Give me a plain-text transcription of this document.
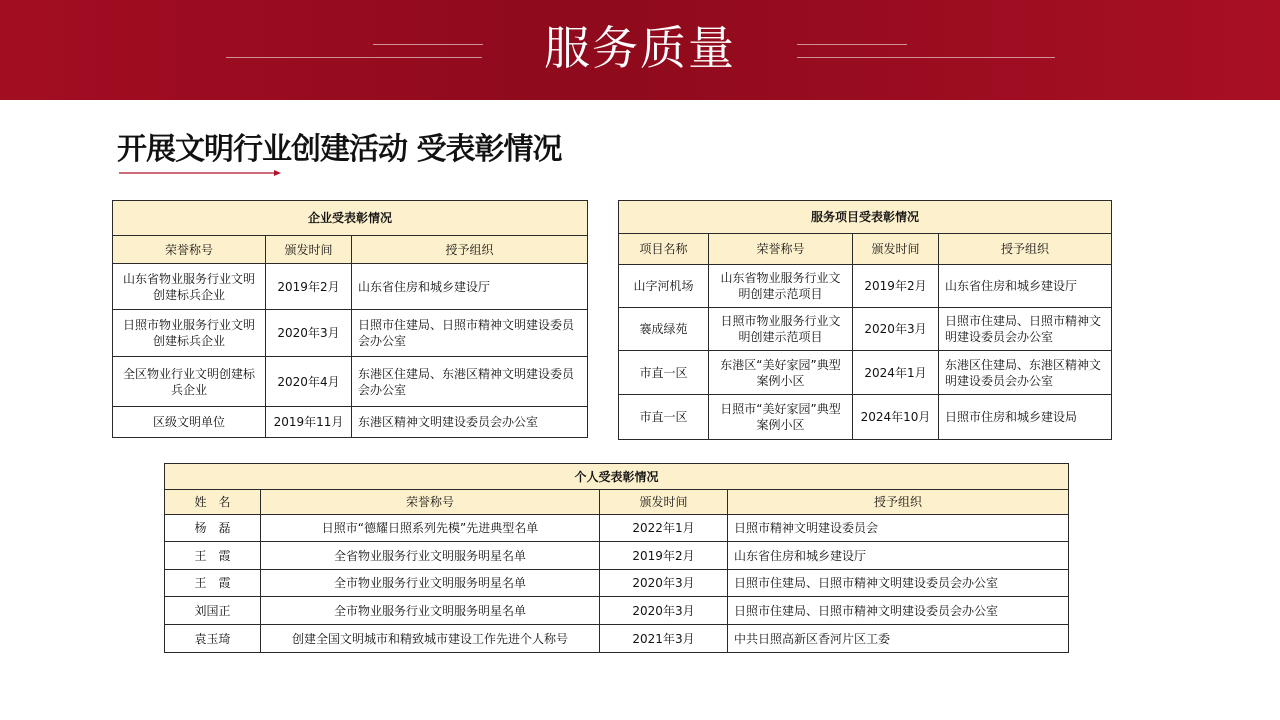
服务质量
开展文明行业创建活动 受表彰情况
企业受表彰情况		
荣誉称号	颁发时间	授予组织
山东省物业服务行业文明创建标兵企业	2019年2月	山东省住房和城乡建设厅
日照市物业服务行业文明创建标兵企业	2020年3月	日照市住建局、日照市精神文明建设委员会办公室
全区物业行业文明创建标兵企业	2020年4月	东港区住建局、东港区精神文明建设委员会办公室
区级文明单位	2019年11月	东港区精神文明建设委员会办公室
服务项目受表彰情况			
项目名称	荣誉称号	颁发时间	授予组织
山字河机场	山东省物业服务行业文明创建示范项目	2019年2月	山东省住房和城乡建设厅
褰成绿苑	日照市物业服务行业文明创建示范项目	2020年3月	日照市住建局、日照市精神文明建设委员会办公室
市直一区	东港区“美好家园”典型案例小区	2024年1月	东港区住建局、东港区精神文明建设委员会办公室
市直一区	日照市“美好家园”典型案例小区	2024年10月	日照市住房和城乡建设局
个人受表彰情况			
姓　名	荣誉称号	颁发时间	授予组织
杨　磊	日照市“德耀日照系列先模”先进典型名单	2022年1月	日照市精神文明建设委员会
王　霞	全省物业服务行业文明服务明星名单	2019年2月	山东省住房和城乡建设厅
王　霞	全市物业服务行业文明服务明星名单	2020年3月	日照市住建局、日照市精神文明建设委员会办公室
刘国正	全市物业服务行业文明服务明星名单	2020年3月	日照市住建局、日照市精神文明建设委员会办公室
袁玉琦	创建全国文明城市和精致城市建设工作先进个人称号	2021年3月	中共日照高新区香河片区工委
